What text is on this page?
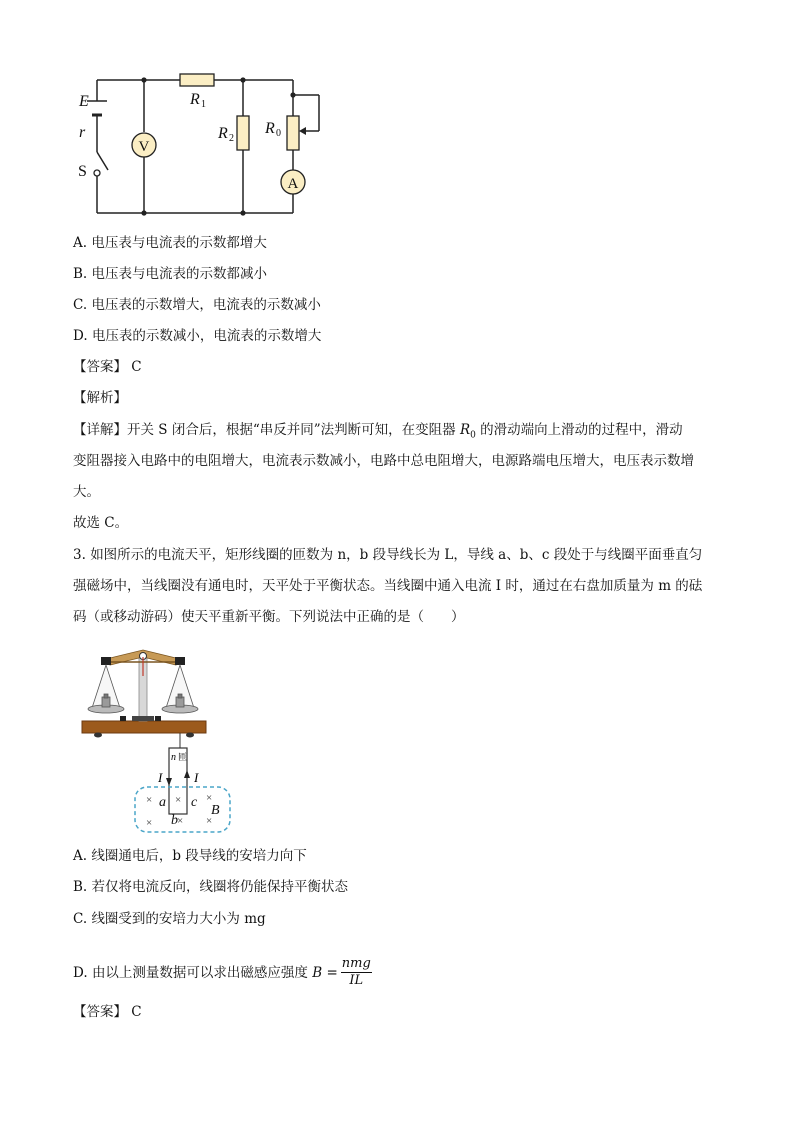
E
r
S
V
A
R 1
R 2
R 0
A. 电压表与电流表的示数都增大
B. 电压表与电流表的示数都减小
C. 电压表的示数增大，电流表的示数减小
D. 电压表的示数减小，电流表的示数增大
【答案】 C
【解析】
【详解】开关 S 闭合后，根据“串反并同”法判断可知，在变阻器 $R_0$ 的滑动端向上滑动的过程中，滑动
变阻器接入电路中的电阻增大，电流表示数减小，电路中总电阻增大，电源路端电压增大，电压表示数增
大。
故选 C。
3. 如图所示的电流天平，矩形线圈的匝数为 n，b 段导线长为 L，导线 a、b、c 段处于与线圈平面垂直匀
强磁场中，当线圈没有通电时，天平处于平衡状态。当线圈中通入电流 I 时，通过在右盘加质量为 m 的砝
码（或移动游码）使天平重新平衡。下列说法中正确的是（　　）
n 匝
I I
× × ×
× × ×
a
b
c
B
A. 线圈通电后，b 段导线的安培力向下
B. 若仅将电流反向，线圈将仍能保持平衡状态
C. 线圈受到的安培力大小为 mg
D.
由以上测量数据可以求出磁感应强度
B =
nmg
IL
【答案】 C
